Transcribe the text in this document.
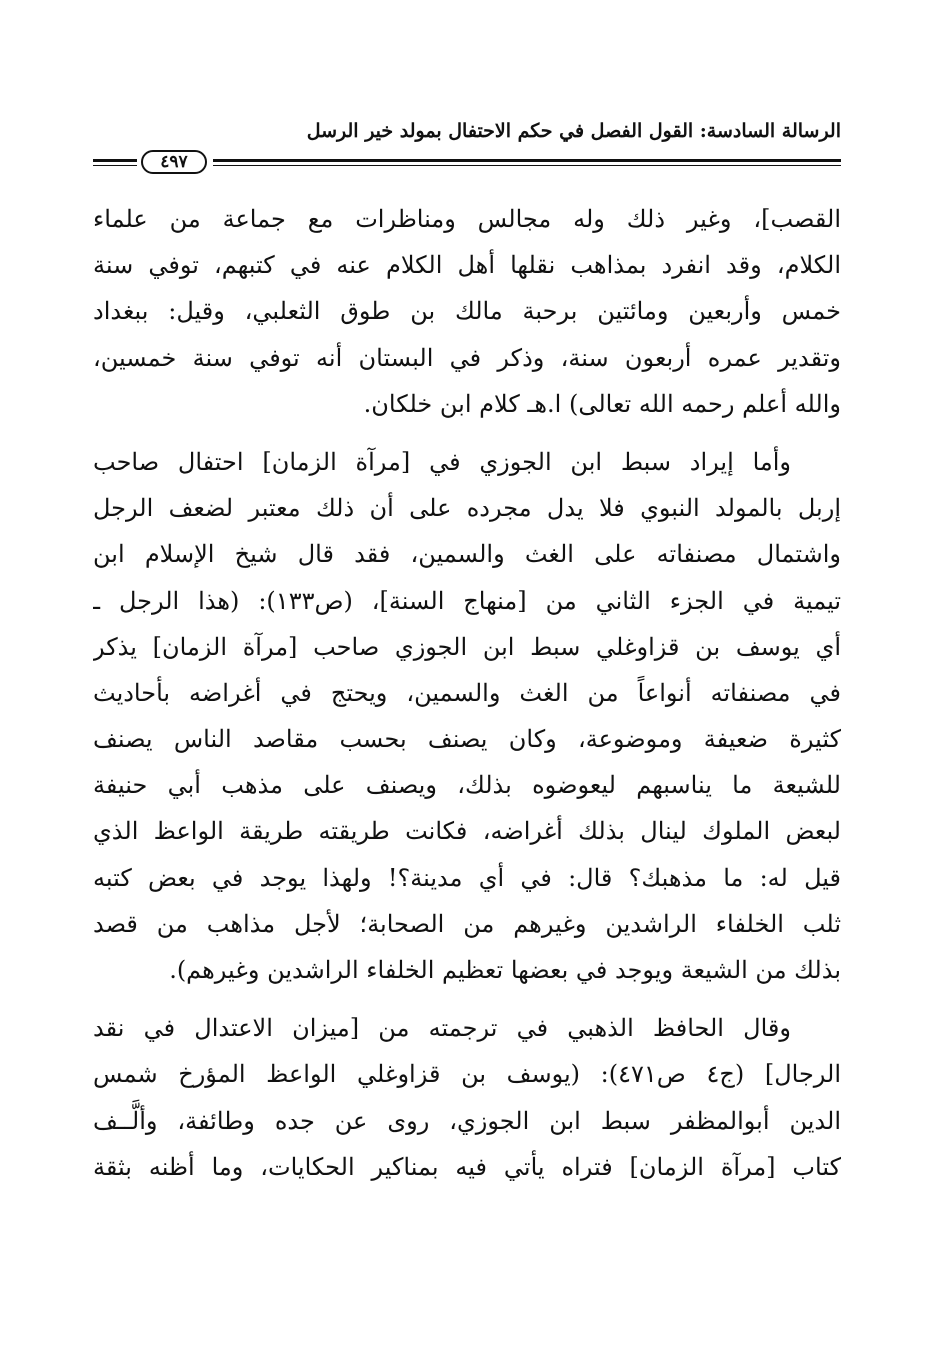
الرسالة السادسة: القول الفصل في حكم الاحتفال بمولد خير الرسل
٤٩٧
القصب]، وغير ذلك وله مجالس ومناظرات مع جماعة من علماء
الكلام، وقد انفرد بمذاهب نقلها أهل الكلام عنه في كتبهم، توفي سنة
خمس وأربعين ومائتين برحبة مالك بن طوق الثعلبي، وقيل: ببغداد
وتقدير عمره أربعون سنة، وذكر في البستان أنه توفي سنة خمسين،
والله أعلم رحمه الله تعالى) ا.هـ كلام ابن خلكان.
وأما إيراد سبط ابن الجوزي في [مرآة الزمان] احتفال صاحب
إربل بالمولد النبوي فلا يدل مجرده على أن ذلك معتبر لضعف الرجل
واشتمال مصنفاته على الغث والسمين، فقد قال شيخ الإسلام ابن
تيمية في الجزء الثاني من [منهاج السنة]، (ص١٣٣): (هذا الرجل ـ
أي يوسف بن قزاوغلي سبط ابن الجوزي صاحب [مرآة الزمان] يذكر
في مصنفاته أنواعاً من الغث والسمين، ويحتج في أغراضه بأحاديث
كثيرة ضعيفة وموضوعة، وكان يصنف بحسب مقاصد الناس يصنف
للشيعة ما يناسبهم ليعوضوه بذلك، ويصنف على مذهب أبي حنيفة
لبعض الملوك لينال بذلك أغراضه، فكانت طريقته طريقة الواعظ الذي
قيل له: ما مذهبك؟ قال: في أي مدينة؟! ولهذا يوجد في بعض كتبه
ثلب الخلفاء الراشدين وغيرهم من الصحابة؛ لأجل مذاهب من قصد
بذلك من الشيعة ويوجد في بعضها تعظيم الخلفاء الراشدين وغيرهم).
وقال الحافظ الذهبي في ترجمته من [ميزان الاعتدال في نقد
الرجال] (ج٤ ص٤٧١): (يوسف بن قزاوغلي الواعظ المؤرخ شمس
الدين أبوالمظفر سبط ابن الجوزي، روى عن جده وطائفة، وألَّــف
كتاب [مرآة الزمان] فتراه يأتي فيه بمناكير الحكايات، وما أظنه بثقة
